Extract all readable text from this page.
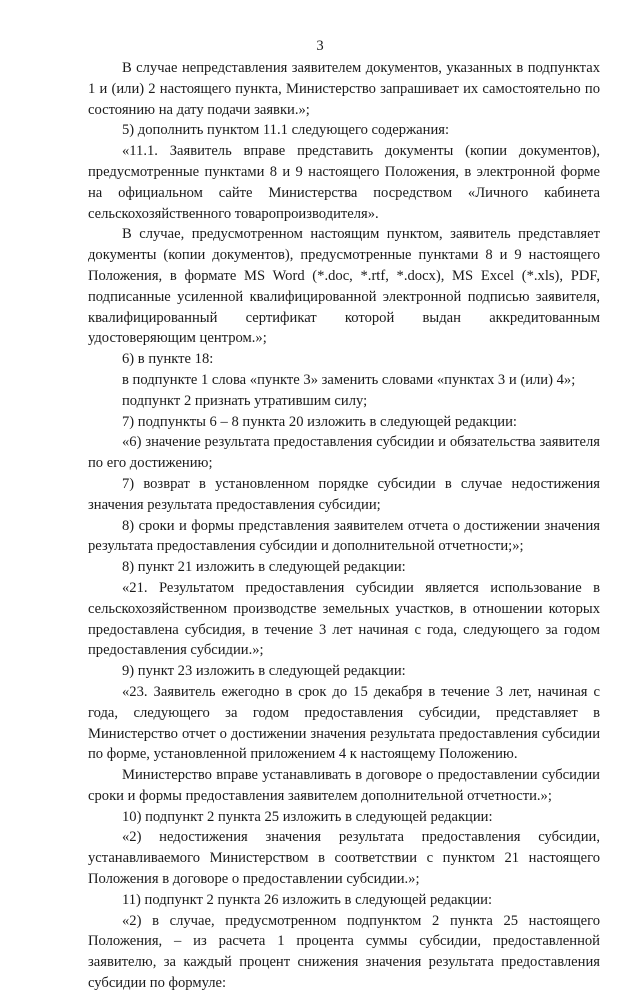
3

В случае непредставления заявителем документов, указанных в подпунктах 1 и (или) 2 настоящего пункта, Министерство запрашивает их самостоятельно по состоянию на дату подачи заявки.»;

5) дополнить пунктом 11.1 следующего содержания:

«11.1. Заявитель вправе представить документы (копии документов), предусмотренные пунктами 8 и 9 настоящего Положения, в электронной форме на официальном сайте Министерства посредством «Личного кабинета сельскохозяйственного товаропроизводителя».

В случае, предусмотренном настоящим пунктом, заявитель представляет документы (копии документов), предусмотренные пунктами 8 и 9 настоящего Положения, в формате MS Word (*.doc, *.rtf, *.docx), MS Excel (*.xls), PDF, подписанные усиленной квалифицированной электронной подписью заявителя, квалифицированный сертификат которой выдан аккредитованным удостоверяющим центром.»;

6) в пункте 18:

в подпункте 1 слова «пункте 3» заменить словами «пунктах 3 и (или) 4»;

подпункт 2 признать утратившим силу;

7) подпункты 6 – 8 пункта 20 изложить в следующей редакции:

«6) значение результата предоставления субсидии и обязательства заявителя по его достижению;

7) возврат в установленном порядке субсидии в случае недостижения значения результата предоставления субсидии;

8) сроки и формы представления заявителем отчета о достижении значения результата предоставления субсидии и дополнительной отчетности;»;

8) пункт 21 изложить в следующей редакции:

«21. Результатом предоставления субсидии является использование в сельскохозяйственном производстве земельных участков, в отношении которых предоставлена субсидия, в течение 3 лет начиная с года, следующего за годом предоставления субсидии.»;

9) пункт 23 изложить в следующей редакции:

«23. Заявитель ежегодно в срок до 15 декабря в течение 3 лет, начиная с года, следующего за годом предоставления субсидии, представляет в Министерство отчет о достижении значения результата предоставления субсидии по форме, установленной приложением 4 к настоящему Положению.

Министерство вправе устанавливать в договоре о предоставлении субсидии сроки и формы предоставления заявителем дополнительной отчетности.»;

10) подпункт 2 пункта 25 изложить в следующей редакции:

«2) недостижения значения результата предоставления субсидии, устанавливаемого Министерством в соответствии с пунктом 21 настоящего Положения в договоре о предоставлении субсидии.»;

11) подпункт 2 пункта 26 изложить в следующей редакции:

«2) в случае, предусмотренном подпунктом 2 пункта 25 настоящего Положения, – из расчета 1 процента суммы субсидии, предоставленной заявителю, за каждый процент снижения значения результата предоставления субсидии по формуле:
